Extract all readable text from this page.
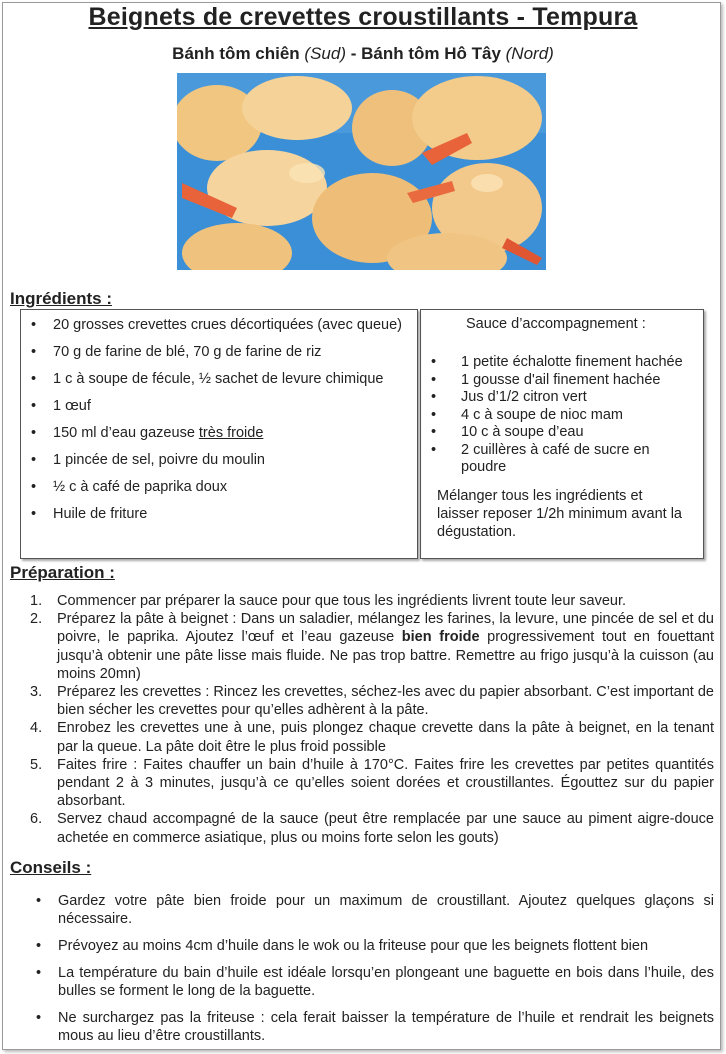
Beignets de crevettes croustillants - Tempura
Bánh tôm chiên (Sud) - Bánh tôm Hô Tây (Nord)
Ingrédients :
• 20 grosses crevettes crues décortiquées (avec queue)
• 70 g de farine de blé, 70 g de farine de riz
• 1 c à soupe de fécule, ½ sachet de levure chimique
• 1 œuf
• 150 ml d’eau gazeuse très froide
• 1 pincée de sel, poivre du moulin
• ½ c à café de paprika doux
• Huile de friture
Sauce d’accompagnement :
• 1 petite échalotte finement hachée
• 1 gousse d'ail finement hachée
• Jus d’1/2 citron vert
• 4 c à soupe de nioc mam
• 10 c à soupe d’eau
• 2 cuillères à café de sucre en poudre
Mélanger tous les ingrédients et laisser reposer 1/2h minimum avant la dégustation.
Préparation :
1. Commencer par préparer la sauce pour que tous les ingrédients livrent toute leur saveur.
2. Préparez la pâte à beignet : Dans un saladier, mélangez les farines, la levure, une pincée de sel et du poivre, le paprika. Ajoutez l’œuf et l’eau gazeuse bien froide progressivement tout en fouettant jusqu’à obtenir une pâte lisse mais fluide. Ne pas trop battre. Remettre au frigo jusqu’à la cuisson (au moins 20mn)
3. Préparez les crevettes : Rincez les crevettes, séchez-les avec du papier absorbant. C’est important de bien sécher les crevettes pour qu’elles adhèrent à la pâte.
4. Enrobez les crevettes une à une, puis plongez chaque crevette dans la pâte à beignet, en la tenant par la queue. La pâte doit être le plus froid possible
5. Faites frire : Faites chauffer un bain d’huile à 170°C. Faites frire les crevettes par petites quantités pendant 2 à 3 minutes, jusqu’à ce qu’elles soient dorées et croustillantes. Égouttez sur du papier absorbant.
6. Servez chaud accompagné de la sauce (peut être remplacée par une sauce au piment aigre-douce achetée en commerce asiatique, plus ou moins forte selon les gouts)
Conseils :
• Gardez votre pâte bien froide pour un maximum de croustillant. Ajoutez quelques glaçons si nécessaire.
• Prévoyez au moins 4cm d’huile dans le wok ou la friteuse pour que les beignets flottent bien
• La température du bain d’huile est idéale lorsqu’en plongeant une baguette en bois dans l’huile, des bulles se forment le long de la baguette.
• Ne surchargez pas la friteuse : cela ferait baisser la température de l’huile et rendrait les beignets mous au lieu d’être croustillants.
